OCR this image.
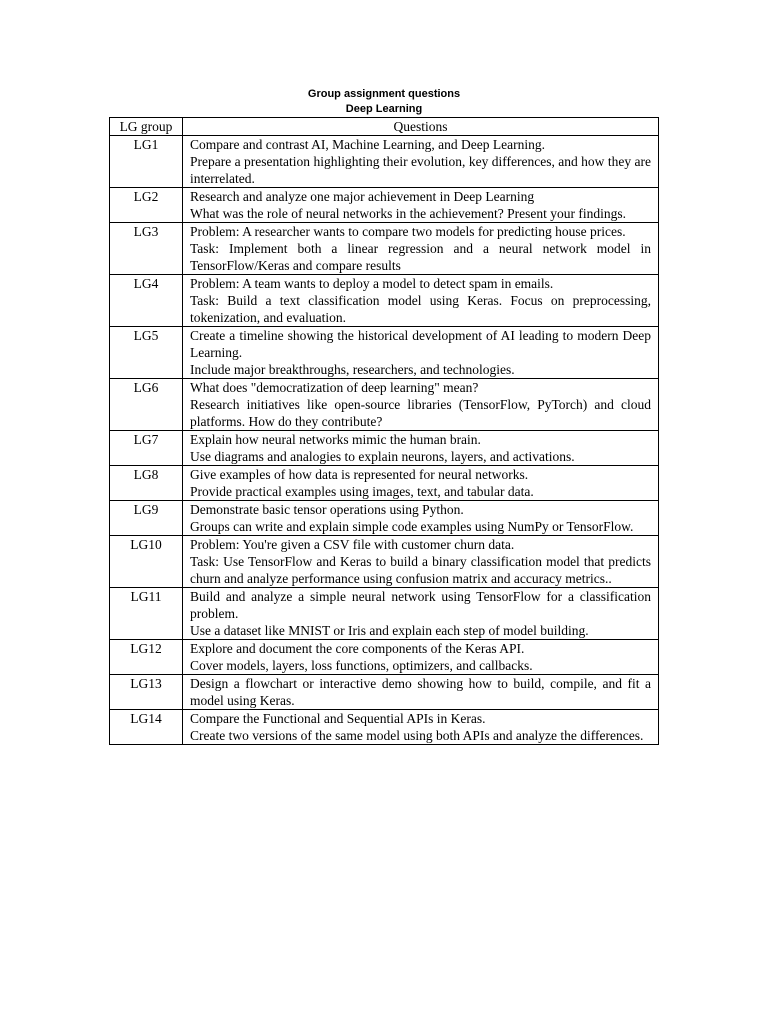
Group assignment questions
Deep Learning
LG group	Questions
LG1	Compare and contrast AI, Machine Learning, and Deep Learning.
Prepare a presentation highlighting their evolution, key differences, and how they are interrelated.

LG2	Research and analyze one major achievement in Deep Learning
What was the role of neural networks in the achievement? Present your findings.

LG3	Problem: A researcher wants to compare two models for predicting house prices.
Task: Implement both a linear regression and a neural network model in TensorFlow/Keras and compare results

LG4	Problem: A team wants to deploy a model to detect spam in emails.
Task: Build a text classification model using Keras. Focus on preprocessing, tokenization, and evaluation.

LG5	Create a timeline showing the historical development of AI leading to modern Deep Learning.
Include major breakthroughs, researchers, and technologies.

LG6	What does "democratization of deep learning" mean?
Research initiatives like open-source libraries (TensorFlow, PyTorch) and cloud platforms. How do they contribute?

LG7	Explain how neural networks mimic the human brain.
Use diagrams and analogies to explain neurons, layers, and activations.

LG8	Give examples of how data is represented for neural networks.
Provide practical examples using images, text, and tabular data.

LG9	Demonstrate basic tensor operations using Python.
Groups can write and explain simple code examples using NumPy or TensorFlow.

LG10	Problem: You're given a CSV file with customer churn data.
Task: Use TensorFlow and Keras to build a binary classification model that predicts churn and analyze performance using confusion matrix and accuracy metrics..

LG11	Build and analyze a simple neural network using TensorFlow for a classification problem.
Use a dataset like MNIST or Iris and explain each step of model building.

LG12	Explore and document the core components of the Keras API.
Cover models, layers, loss functions, optimizers, and callbacks.

LG13	Design a flowchart or interactive demo showing how to build, compile, and fit a model using Keras.

LG14	Compare the Functional and Sequential APIs in Keras.
Create two versions of the same model using both APIs and analyze the differences.
